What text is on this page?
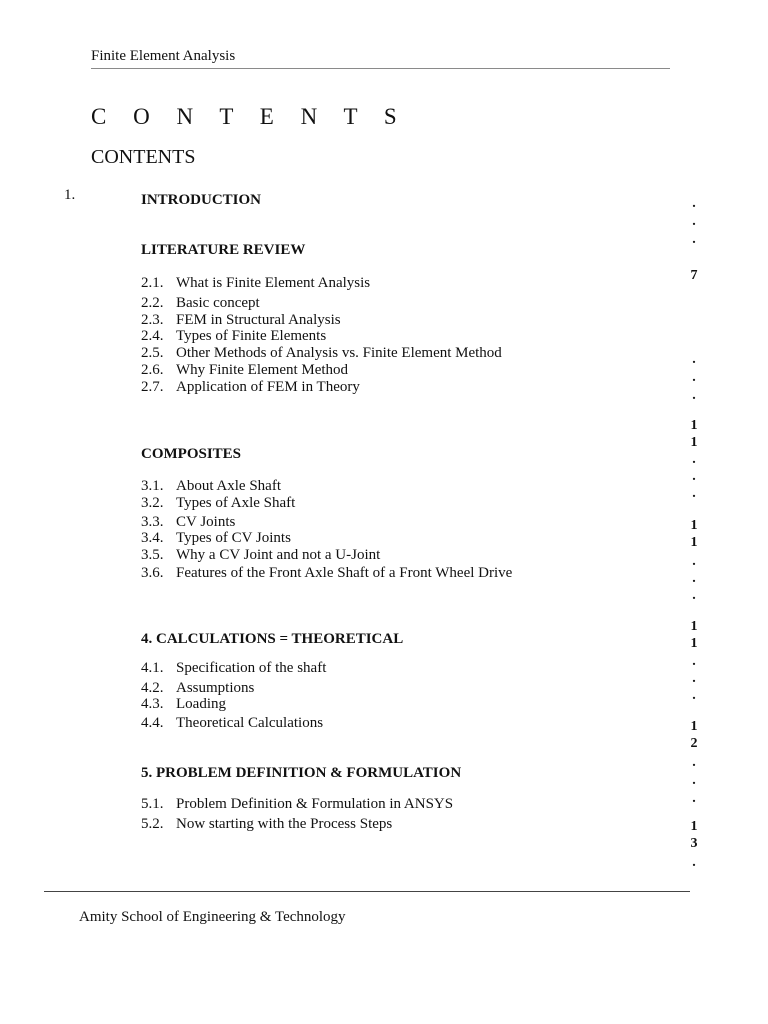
Finite Element Analysis
C O N T E N T S
CONTENTS
1.	INTRODUCTION
LITERATURE REVIEW
2.1. What is Finite Element Analysis
2.2. Basic concept
2.3. FEM in Structural Analysis
2.4. Types of Finite Elements
2.5. Other Methods of Analysis vs. Finite Element Method
2.6. Why Finite Element Method
2.7. Application of FEM in Theory
COMPOSITES
3.1. About Axle Shaft
3.2. Types of Axle Shaft
3.3. CV Joints
3.4. Types of CV Joints
3.5. Why a CV Joint and not a U-Joint
3.6. Features of the Front Axle Shaft of a Front Wheel Drive
4. CALCULATIONS = THEORETICAL
4.1. Specification of the shaft
4.2. Assumptions
4.3. Loading
4.4. Theoretical Calculations
5. PROBLEM DEFINITION & FORMULATION
5.1. Problem Definition & Formulation in ANSYS
5.2. Now starting with the Process Steps
.
.
.
7
.
.
.
1
1
.
.
.
1
1
.
.
.
1
1
.
.
.
1
2
.
.
.
1
3
.
Amity School of Engineering & Technology
